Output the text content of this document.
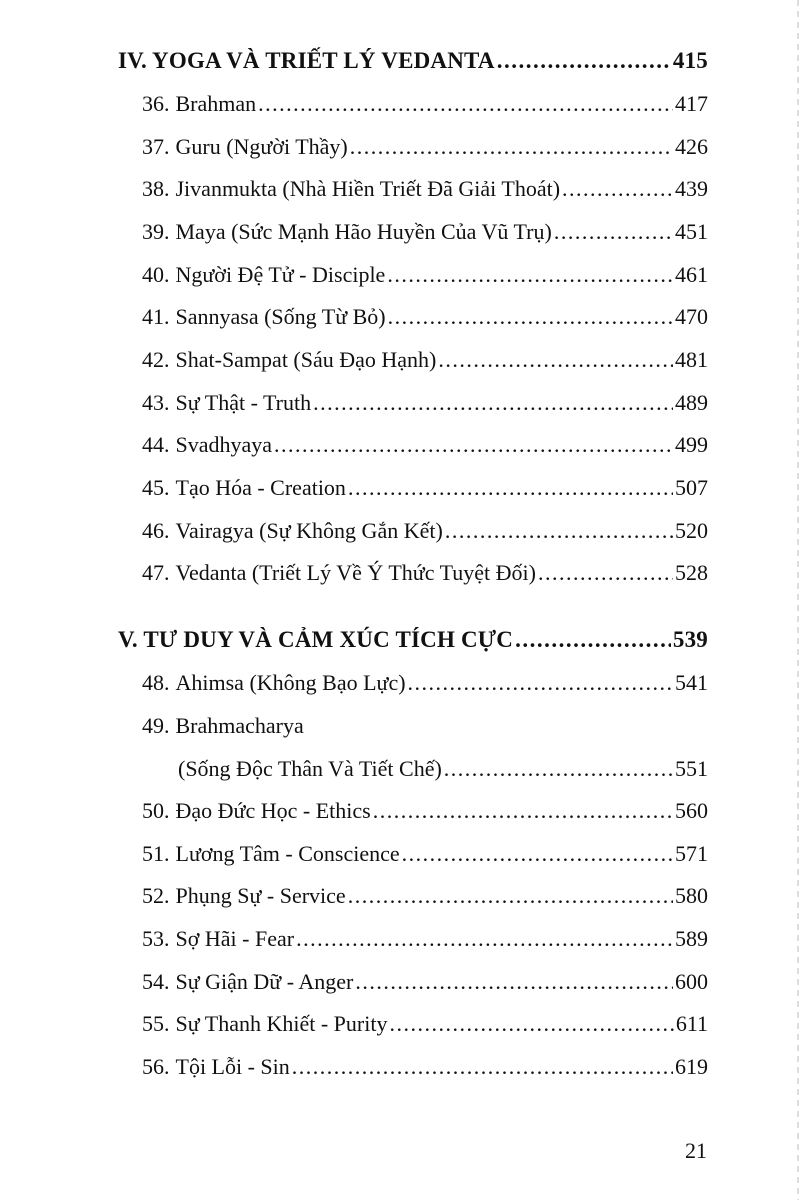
IV. YOGA VÀ TRIẾT LÝ VEDANTA .....	415
36. Brahman .....	417
37. Guru (Người Thầy) .....	426
38. Jivanmukta (Nhà Hiền Triết Đã Giải Thoát) .....	439
39. Maya (Sức Mạnh Hão Huyền Của Vũ Trụ) .....	451
40. Người Đệ Tử - Disciple .....	461
41. Sannyasa (Sống Từ Bỏ) .....	470
42. Shat-Sampat (Sáu Đạo Hạnh) .....	481
43. Sự Thật - Truth .....	489
44. Svadhyaya .....	499
45. Tạo Hóa - Creation .....	507
46. Vairagya (Sự Không Gắn Kết) .....	520
47. Vedanta (Triết Lý Về Ý Thức Tuyệt Đối) .....	528
V. TƯ DUY VÀ CẢM XÚC TÍCH CỰC .....	539
48. Ahimsa (Không Bạo Lực) .....	541
49. Brahmacharya
(Sống Độc Thân Và Tiết Chế) .....	551
50. Đạo Đức Học - Ethics .....	560
51. Lương Tâm - Conscience .....	571
52. Phụng Sự - Service .....	580
53. Sợ Hãi - Fear .....	589
54. Sự Giận Dữ - Anger .....	600
55. Sự Thanh Khiết - Purity .....	611
56. Tội Lỗi - Sin .....	619
21
